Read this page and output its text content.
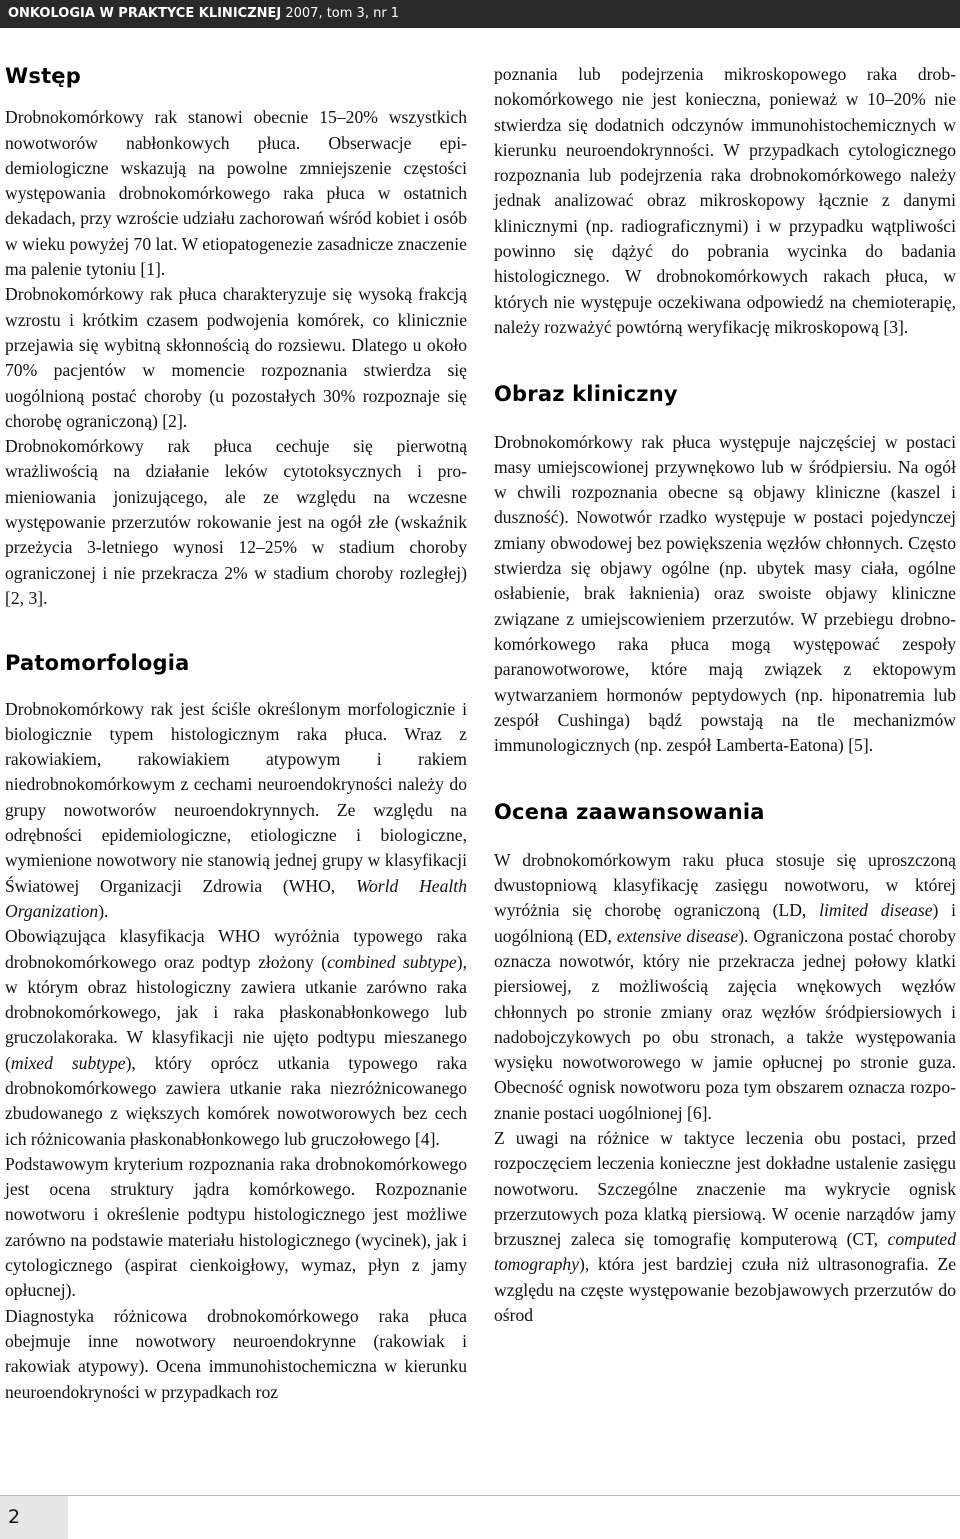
ONKOLOGIA W PRAKTYCE KLINICZNEJ 2007, tom 3, nr 1
Wstęp

Drobnokomórkowy rak stanowi obecnie 15–20% wszystkich nowotworów nabłonkowych płuca. Obserwacje epidemiologiczne wskazują na powolne zmniejszenie częstości występowania drobnokomórkowego raka płuca w ostatnich dekadach, przy wzroście udziału zachorowań wśród kobiet i osób w wieku powyżej 70 lat. W etiopatogenezie zasadnicze znaczenie ma palenie tytoniu [1].

Drobnokomórkowy rak płuca charakteryzuje się wysoką frakcją wzrostu i krótkim czasem podwojenia komórek, co klinicznie przejawia się wybitną skłonnością do rozsiewu. Dlatego u około 70% pacjentów w momencie rozpoznania stwierdza się uogólnioną postać choroby (u pozostałych 30% rozpoznaje się chorobę ograniczoną) [2].

Drobnokomórkowy rak płuca cechuje się pierwotną wrażliwością na działanie leków cytotoksycznych i promieniowania jonizującego, ale ze względu na wczesne występowanie przerzutów rokowanie jest na ogół złe (wskaźnik przeżycia 3-letniego wynosi 12–25% w stadium choroby ograniczonej i nie przekracza 2% w stadium choroby rozległej) [2, 3].

Patomorfologia

Drobnokomórkowy rak jest ściśle określonym morfologicznie i biologicznie typem histologicznym raka płuca. Wraz z rakowiakiem, rakowiakiem atypowym i rakiem niedrobnokomórkowym z cechami neuroendokryności należy do grupy nowotworów neuroendokrynnych. Ze względu na odrębności epidemiologiczne, etiologiczne i biologiczne, wymienione nowotwory nie stanowią jednej grupy w klasyfikacji Światowej Organizacji Zdrowia (WHO, World Health Organization).

Obowiązująca klasyfikacja WHO wyróżnia typowego raka drobnokomórkowego oraz podtyp złożony (combined subtype), w którym obraz histologiczny zawiera utkanie zarówno raka drobnokomórkowego, jak i raka płaskonabłonkowego lub gruczolakoraka. W klasyfikacji nie ujęto podtypu mieszanego (mixed subtype), który oprócz utkania typowego raka drobnokomórkowego zawiera utkanie raka niezróżnicowanego zbudowanego z większych komórek nowotworowych bez cech ich różnicowania płaskonabłonkowego lub gruczołowego [4].

Podstawowym kryterium rozpoznania raka drobnokomórkowego jest ocena struktury jądra komórkowego. Rozpoznanie nowotworu i określenie podtypu histologicznego jest możliwe zarówno na podstawie materiału histologicznego (wycinek), jak i cytologicznego (aspirat cienkoigłowy, wymaz, płyn z jamy opłucnej).

Diagnostyka różnicowa drobnokomórkowego raka płuca obejmuje inne nowotwory neuroendokrynne (rakowiak i rakowiak atypowy). Ocena immunohistochemiczna w kierunku neuroendokryności w przypadkach roz

poznania lub podejrzenia mikroskopowego raka drobnokomórkowego nie jest konieczna, ponieważ w 10–20% nie stwierdza się dodatnich odczynów immunohistochemicznych w kierunku neuroendokrynności. W przypadkach cytologicznego rozpoznania lub podejrzenia raka drobnokomórkowego należy jednak analizować obraz mikroskopowy łącznie z danymi klinicznymi (np. radiograficznymi) i w przypadku wątpliwości powinno się dążyć do pobrania wycinka do badania histologicznego. W drobnokomórkowych rakach płuca, w których nie występuje oczekiwana odpowiedź na chemioterapię, należy rozważyć powtórną weryfikację mikroskopową [3].

Obraz kliniczny

Drobnokomórkowy rak płuca występuje najczęściej w postaci masy umiejscowionej przywnękowo lub w śródpiersiu. Na ogół w chwili rozpoznania obecne są objawy kliniczne (kaszel i duszność). Nowotwór rzadko występuje w postaci pojedynczej zmiany obwodowej bez powiększenia węzłów chłonnych. Często stwierdza się objawy ogólne (np. ubytek masy ciała, ogólne osłabienie, brak łaknienia) oraz swoiste objawy kliniczne związane z umiejscowieniem przerzutów. W przebiegu drobnokomórkowego raka płuca mogą występować zespoły paranowotworowe, które mają związek z ektopowym wytwarzaniem hormonów peptydowych (np. hiponatremia lub zespół Cushinga) bądź powstają na tle mechanizmów immunologicznych (np. zespół Lamberta-Eatona) [5].

Ocena zaawansowania

W drobnokomórkowym raku płuca stosuje się uproszczoną dwustopniową klasyfikację zasięgu nowotworu, w której wyróżnia się chorobę ograniczoną (LD, limited disease) i uogólnioną (ED, extensive disease). Ograniczona postać choroby oznacza nowotwór, który nie przekracza jednej połowy klatki piersiowej, z możliwością zajęcia wnękowych węzłów chłonnych po stronie zmiany oraz węzłów śródpiersiowych i nadobojczykowych po obu stronach, a także występowania wysięku nowotworowego w jamie opłucnej po stronie guza. Obecność ognisk nowotworu poza tym obszarem oznacza rozpoznanie postaci uogólnionej [6].

Z uwagi na różnice w taktyce leczenia obu postaci, przed rozpoczęciem leczenia konieczne jest dokładne ustalenie zasięgu nowotworu. Szczególne znaczenie ma wykrycie ognisk przerzutowych poza klatką piersiową. W ocenie narządów jamy brzusznej zaleca się tomografię komputerową (CT, computed tomography), która jest bardziej czuła niż ultrasonografia. Ze względu na częste występowanie bezobjawowych przerzutów do ośrod

2
